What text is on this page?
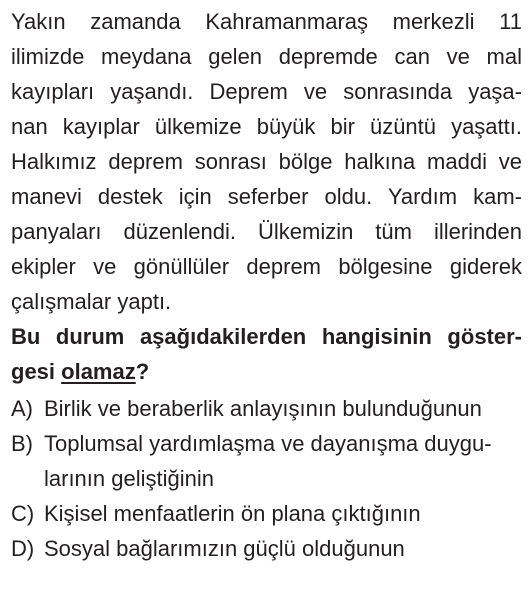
Yakın zamanda Kahramanmaraş merkezli 11
ilimizde meydana gelen depremde can ve mal
kayıpları yaşandı. Deprem ve sonrasında yaşa-
nan kayıplar ülkemize büyük bir üzüntü yaşattı.
Halkımız deprem sonrası bölge halkına maddi ve
manevi destek için seferber oldu. Yardım kam-
panyaları düzenlendi. Ülkemizin tüm illerinden
ekipler ve gönüllüler deprem bölgesine giderek
çalışmalar yaptı.
Bu durum aşağıdakilerden hangisinin göster-
gesi olamaz?
A) Birlik ve beraberlik anlayışının bulunduğunun
B) Toplumsal yardımlaşma ve dayanışma duygu-
larının geliştiğinin
C) Kişisel menfaatlerin ön plana çıktığının
D) Sosyal bağlarımızın güçlü olduğunun
